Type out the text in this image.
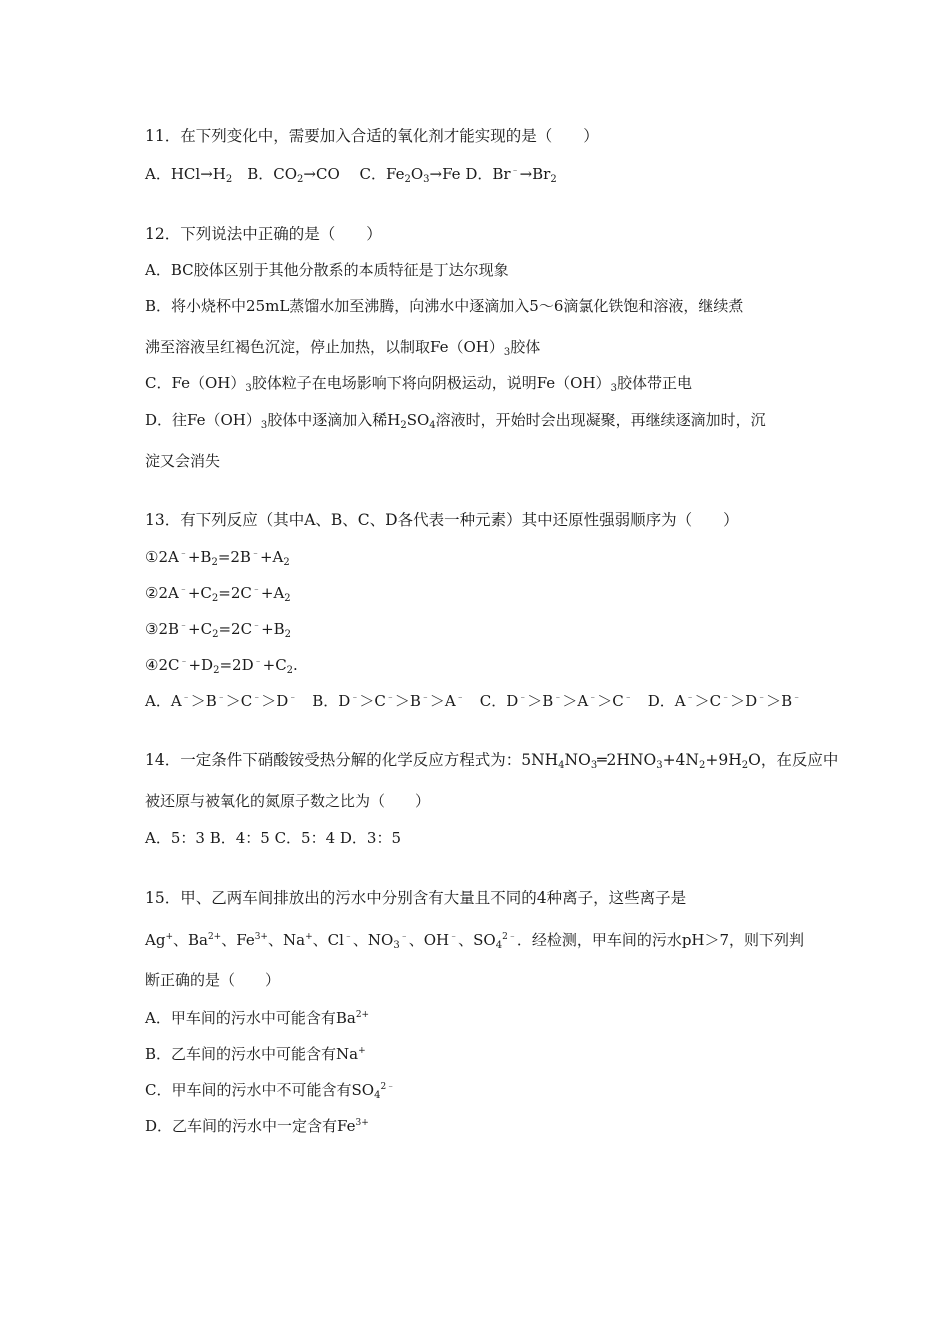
11．在下列变化中，需要加入合适的氧化剂才能实现的是（　　）
A．$HCl\to H_2$　B．$CO_2\to CO$　 C．$Fe_2O_3\to Fe$ D．$Br^﹣\to Br_2$
12．下列说法中正确的是（　　）
A．BC胶体区别于其他分散系的本质特征是丁达尔现象
B．将小烧杯中25mL蒸馏水加至沸腾，向沸水中逐滴加入5～6滴氯化铁饱和溶液，继续煮
沸至溶液呈红褐色沉淀，停止加热，以制取$Fe(OH)_3$胶体
C．$Fe(OH)_3$胶体粒子在电场影响下将向阴极运动，说明$Fe(OH)_3$胶体带正电
D．往$Fe(OH)_3$胶体中逐滴加入稀$H_2SO_4$溶液时，开始时会出现凝聚，再继续逐滴加时，沉
淀又会消失
13．有下列反应（其中A、B、C、D各代表一种元素）其中还原性强弱顺序为（　　）
$①2A^﹣+B_2=2B^﹣+A_2$
$②2A^﹣+C_2=2C^﹣+A_2$
$③2B^﹣+C_2=2C^﹣+B_2$
$④2C^﹣+D_2=2D^﹣+C_2$.
A．A﹣＞B﹣＞C﹣＞D﹣　B．D﹣＞C﹣＞B﹣＞A﹣　C．D﹣＞B﹣＞A﹣＞C﹣　D．A﹣＞C﹣＞D﹣＞B﹣
14．一定条件下硝酸铵受热分解的化学反应方程式为：$5NH_4NO_3═2HNO_3+4N_2+9H_2O$，在反应中
被还原与被氧化的氮原子数之比为（　　）
A．5：3 B．4：5 C．5：4 D．3：5
15．甲、乙两车间排放出的污水中分别含有大量且不同的4种离子，这些离子是
Ag+、$Ba^{2+}$、$Fe^{3+}$、Na+、Cl﹣、$NO_3^﹣$、OH﹣、$SO_4^{2﹣}$．经检测，甲车间的污水pH＞7，则下列判
断正确的是（　　）
A．甲车间的污水中可能含有$Ba^{2+}$
B．乙车间的污水中可能含有Na+
C．甲车间的污水中不可能含有$SO_4^{2﹣}$
D．乙车间的污水中一定含有$Fe^{3+}$
